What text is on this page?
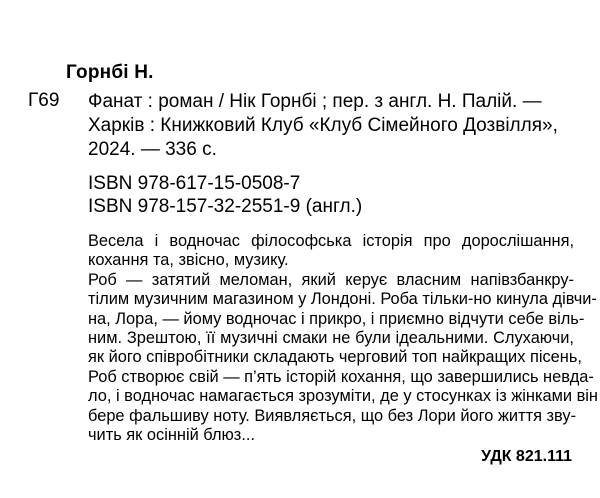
Горнбі Н.
Г69 Фанат : роман / Нік Горнбі ; пер. з англ. Н. Палій. —
Харків : Книжковий Клуб «Клуб Сімейного Дозвілля»,
2024. — 336 с.
ISBN 978-617-15-0508-7
ISBN 978-157-32-2551-9 (англ.)
Весела і водночас філософська історія про дорослішання,
кохання та, звісно, музику.
Роб — затятий меломан, який керує власним напівзбанкру-
тілим музичним магазином у Лондоні. Роба тільки-но кинула дівчи-
на, Лора, — йому водночас і прикро, і приємно відчути себе віль-
ним. Зрештою, її музичні смаки не були ідеальними. Слухаючи,
як його співробітники складають черговий топ найкращих пісень,
Роб створює свій — п’ять історій кохання, що завершились невда-
ло, і водночас намагається зрозуміти, де у стосунках із жінками він
бере фальшиву ноту. Виявляється, що без Лори його життя зву-
чить як осінній блюз...
УДК 821.111
